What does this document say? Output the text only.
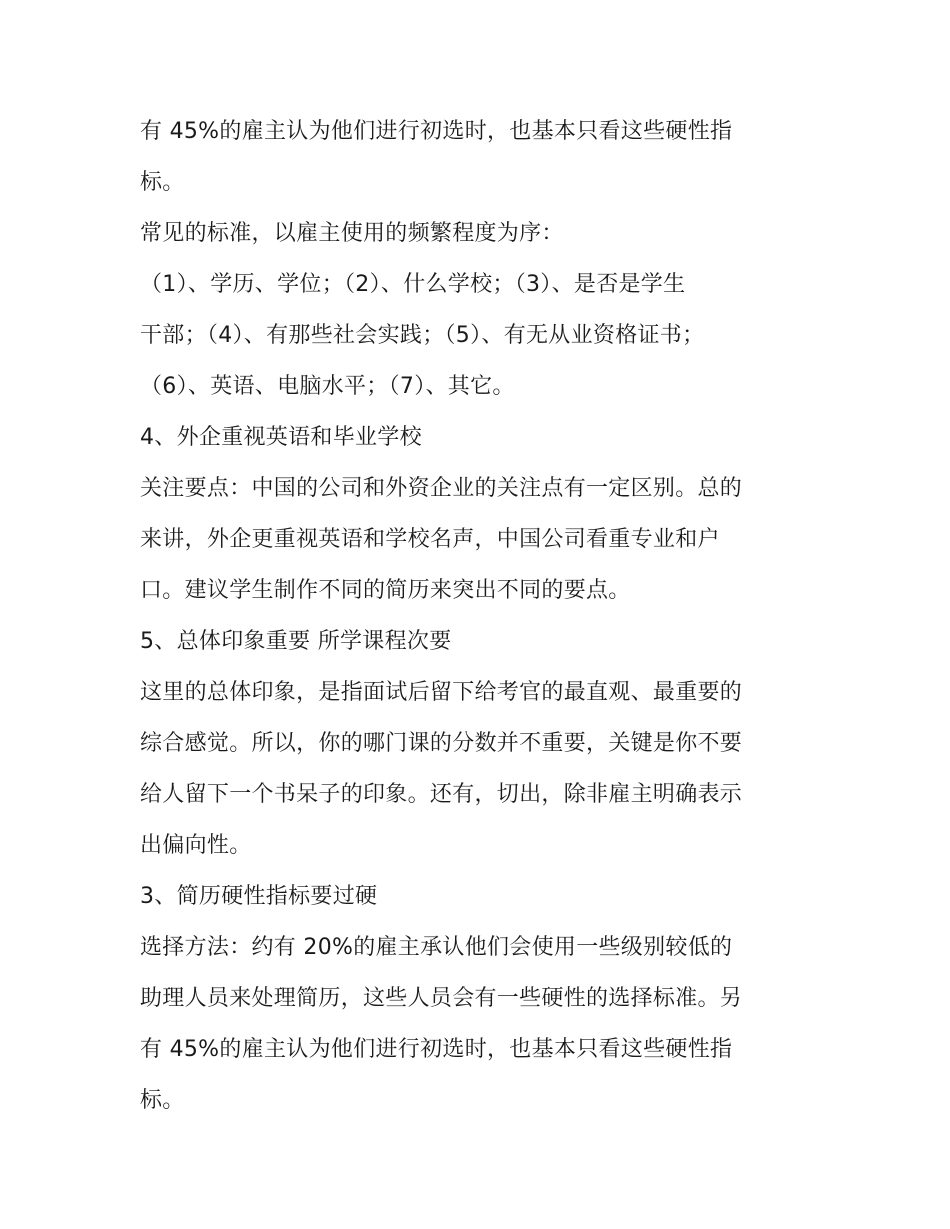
有 45%的雇主认为他们进行初选时，也基本只看这些硬性指
标。
常见的标准，以雇主使用的频繁程度为序：
（1）、学历、学位；（2）、什么学校；（3）、是否是学生
干部；（4）、有那些社会实践；（5）、有无从业资格证书；
（6）、英语、电脑水平；（7）、其它。
4、外企重视英语和毕业学校
关注要点：中国的公司和外资企业的关注点有一定区别。总的
来讲，外企更重视英语和学校名声，中国公司看重专业和户
口。建议学生制作不同的简历来突出不同的要点。
5、总体印象重要 所学课程次要
这里的总体印象，是指面试后留下给考官的最直观、最重要的
综合感觉。所以，你的哪门课的分数并不重要，关键是你不要
给人留下一个书呆子的印象。还有，切出，除非雇主明确表示
出偏向性。
3、简历硬性指标要过硬
选择方法：约有 20%的雇主承认他们会使用一些级别较低的
助理人员来处理简历，这些人员会有一些硬性的选择标准。另
有 45%的雇主认为他们进行初选时，也基本只看这些硬性指
标。
